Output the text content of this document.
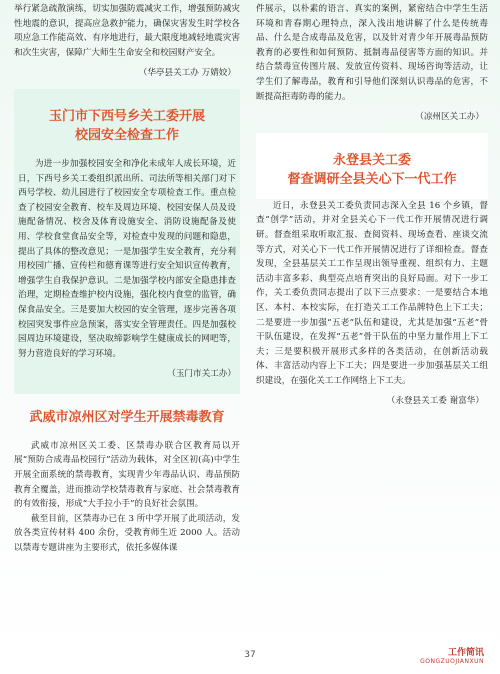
举行紧急疏散演练，切实加强防震减灾工作，增强预防减灾性地震的意识，提高应急救护能力，确保灾害发生时学校各项应急工作能高效、有序地进行，最大限度地减轻地震灾害和次生灾害，保障广大师生生命安全和校园财产安全。

（华亭县关工办 万婧姣）

玉门市下西号乡关工委开展
校园安全检查工作

为进一步加强校园安全和净化未成年人成长环境，近日，下西号乡关工委组织派出所、司法所等相关部门对下西号学校、幼儿园进行了校园安全专项检查工作。重点检查了校园安全教育、校车及周边环境、校园安保人员及设施配备情况、校舍及体育设施安全、消防设施配备及使用、学校食堂食品安全等，对检查中发现的问题和隐患，提出了具体的整改意见；一是加强学生安全教育，充分利用校园广播、宣传栏和德育课等进行安全知识宣传教育，增强学生自我保护意识。二是加强学校内部安全隐患排查治理，定期检查维护校内设施，强化校内食堂的监管，确保食品安全。三是要加大校园的安全管理，逐步完善各项校园突发事件应急预案，落实安全管理责任。四是加强校园周边环境建设，坚决取缔影响学生健康成长的网吧等，努力营造良好的学习环境。

（玉门市关工办）

武威市凉州区对学生开展禁毒教育

武威市凉州区关工委、区禁毒办联合区教育局以开展“预防合成毒品校园行”活动为载体，对全区初(高)中学生开展全面系统的禁毒教育，实现青少年毒品认识、毒品预防教育全覆盖，进而推动学校禁毒教育与家庭、社会禁毒教育的有效衔接，形成“大手拉小手”的良好社会氛围。

截至目前，区禁毒办已在 3 所中学开展了此项活动，发放各类宣传材料 400 余份，受教育师生近 2000 人。活动以禁毒专题讲座为主要形式，依托多媒体课

件展示，以朴素的语言、真实的案例，紧密结合中学生生活环境和青春期心理特点，深入浅出地讲解了什么是传统毒品、什么是合成毒品及危害，以及针对青少年开展毒品预防教育的必要性和如何预防、抵制毒品侵害等方面的知识。并结合禁毒宣传图片展、发放宣传资料、现场咨询等活动，让学生们了解毒品，教育和引导他们深刻认识毒品的危害，不断提高拒毒防毒的能力。

（凉州区关工办）

永登县关工委
督查调研全县关心下一代工作

近日，永登县关工委负责同志深入全县 16 个乡镇，督查“创学”活动，并对全县关心下一代工作开展情况进行调研。督查组采取听取汇报、查阅资料、现场查看、座谈交流等方式，对关心下一代工作开展情况进行了详细检查。督查发现，全县基层关工工作呈现出领导重视、组织有力、主题活动丰富多彩、典型亮点培育突出的良好局面。对下一步工作，关工委负责同志提出了以下三点要求：一是要结合本地区、本村、本校实际，在打造关工工作品牌特色上下工夫；二是要进一步加强“五老”队伍和建设，尤其是加强“五老”骨干队伍建设，在发挥“五老”骨干队伍的中坚力量作用上下工夫；三是要积极开展形式多样的各类活动，在创新活动载体、丰富活动内容上下工夫；四是要进一步加强基层关工组织建设，在强化关工工作网络上下工夫。

（永登县关工委 谢富华）
37	工作简讯
GONGZUOJIANXUN
